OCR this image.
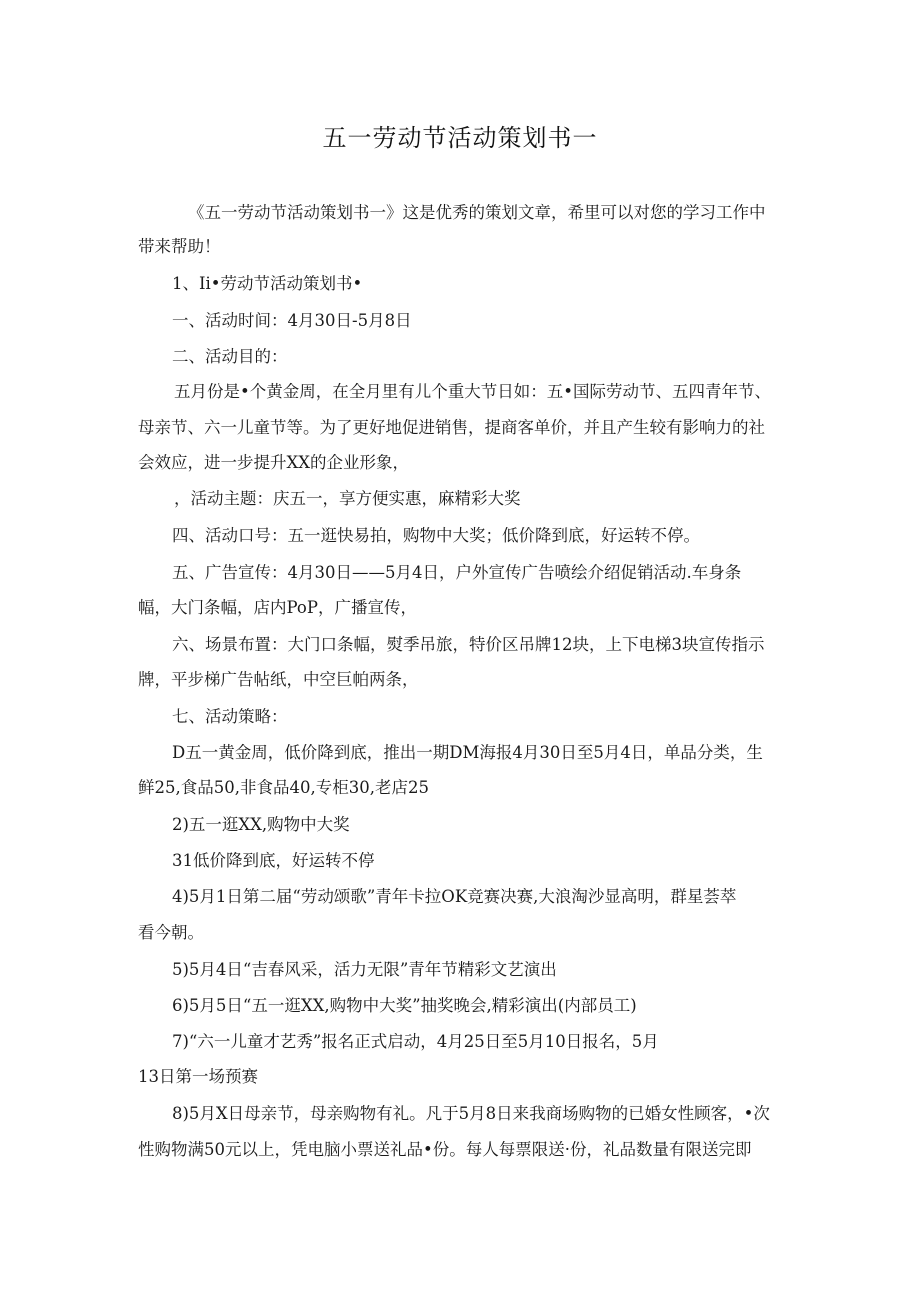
五一劳动节活动策划书一
《五一劳动节活动策划书一》这是优秀的策划文章，希里可以对您的学习工作中
带来帮助！
1、Ii•劳动节活动策划书•
一、活动时间：4月30日-5月8日
二、活动目的：
五月份是•个黄金周，在全月里有儿个重大节日如：五•国际劳动节、五四青年节、
母亲节、六一儿童节等。为了更好地促进销售，提商客单价，并且产生较有影响力的社
会效应，进一步提升XX的企业形象，
，活动主题：庆五一，享方便实惠，麻精彩大奖
四、活动口号：五一逛快易拍，购物中大奖；低价降到底，好运转不停。
五、广告宣传：4月30日——5月4日，户外宣传广告喷绘介绍促销活动.车身条
幅，大门条幅，店内PoP，广播宣传，
六、场景布置：大门口条幅，熨季吊旅，特价区吊牌12块，上下电梯3块宣传指示
牌，平步梯广告帖纸，中空巨帕两条，
七、活动策略：
D五一黄金周，低价降到底，推出一期DM海报4月30日至5月4日，单品分类，生
鲜25,食品50,非食品40,专柜30,老店25
2)五一逛XX,购物中大奖
31低价降到底，好运转不停
4)5月1日第二届“劳动颂歌”青年卡拉OK竞赛决赛,大浪淘沙显高明，群星荟萃
看今朝。
5)5月4日“吉春风采，活力无限”青年节精彩文艺演出
6)5月5日“五一逛XX,购物中大奖”抽奖晚会,精彩演出(内部员工)
7)“六一儿童才艺秀”报名正式启动，4月25日至5月10日报名，5月
13日第一场预赛
8)5月X日母亲节，母亲购物有礼。凡于5月8日来我商场购物的已婚女性顾客，•次
性购物满50元以上，凭电脑小票送礼品•份。每人每票限送·份，礼品数量有限送完即
